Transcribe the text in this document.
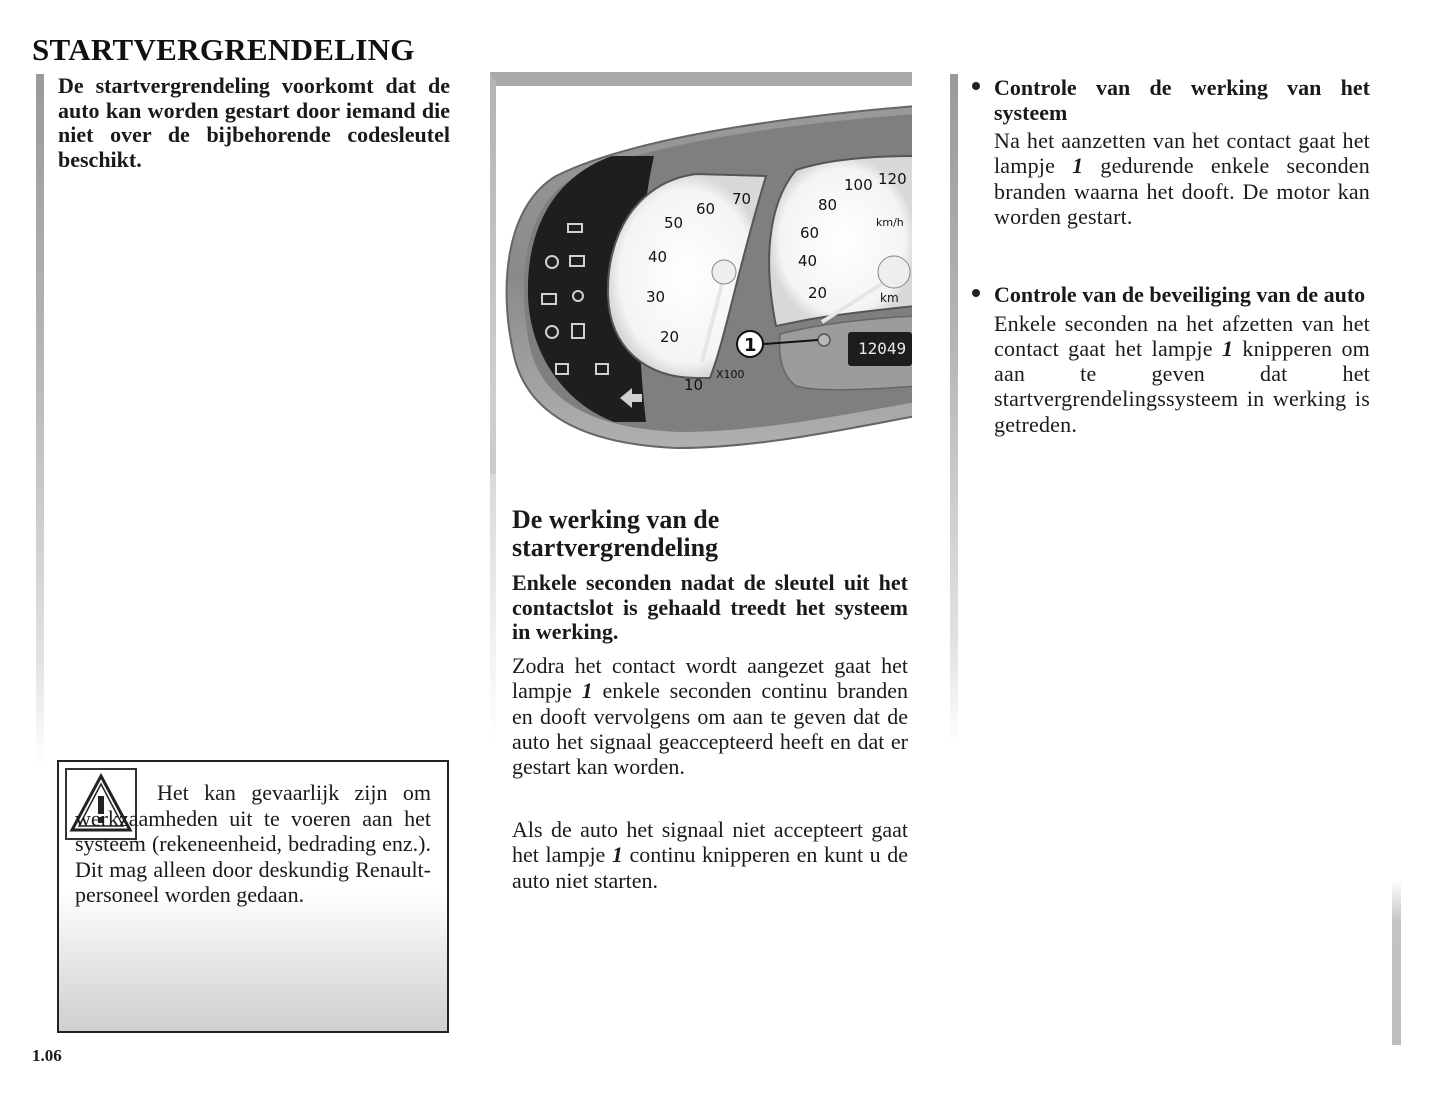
STARTVERGRENDELING

De startvergrendeling voorkomt dat de auto kan worden gestart door iemand die niet over de bijbehorende codesleutel beschikt.

Het kan gevaarlijk zijn om werkzaamheden uit te voeren aan het systeem (rekeneenheid, bedrading enz.). Dit mag alleen door deskundig Renault-personeel worden gedaan.

1.06

12049
10
20
30
40
50
60
70
X100
20
40
60
80
100 120
km/h
km
1
De werking van de startvergrendeling

Enkele seconden nadat de sleutel uit het contactslot is gehaald treedt het systeem in werking.

Zodra het contact wordt aangezet gaat het lampje 1 enkele seconden continu branden en dooft vervolgens om aan te geven dat de auto het signaal geaccepteerd heeft en dat er gestart kan worden.

Als de auto het signaal niet accepteert gaat het lampje 1 continu knipperen en kunt u de auto niet starten.

Controle van de werking van het systeem

Na het aanzetten van het contact gaat het lampje 1 gedurende enkele seconden branden waarna het dooft. De motor kan worden gestart.

Controle van de beveiliging van de auto

Enkele seconden na het afzetten van het contact gaat het lampje 1 knipperen om aan te geven dat het startvergrendelingssysteem in werking is getreden.
